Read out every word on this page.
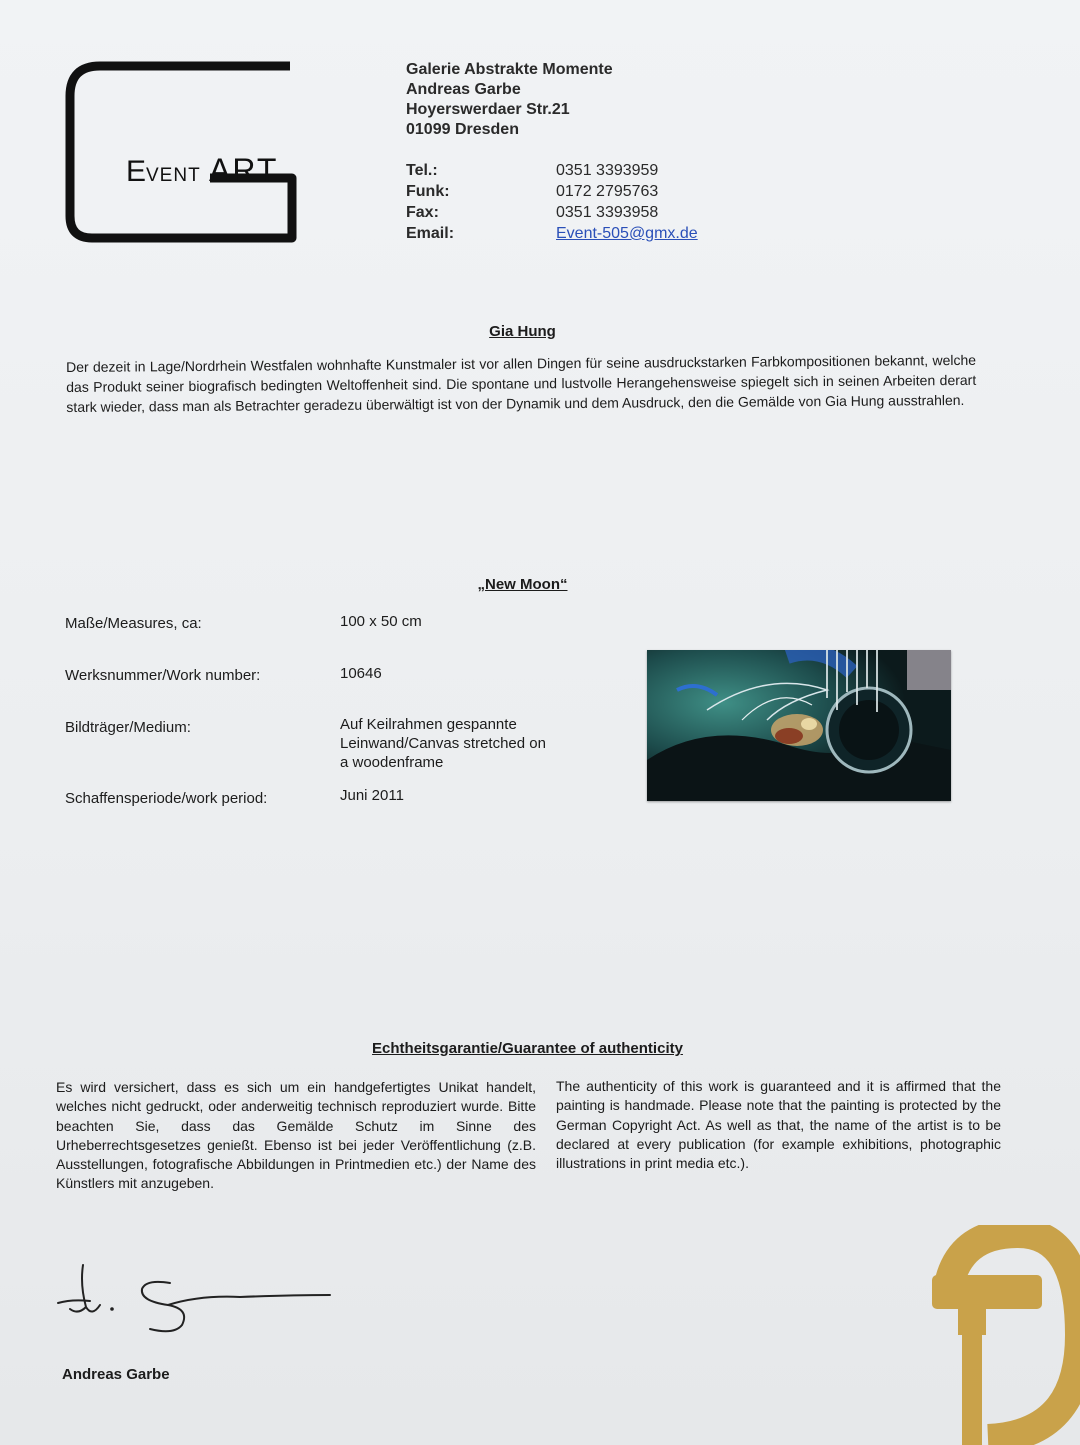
E
VENT ART
Galerie Abstrakte Momente
Andreas Garbe
Hoyerswerdaer Str.21
01099 Dresden
Tel.:	0351 3393959
Funk:	0172 2795763
Fax:	0351 3393958
Email:	Event-505@gmx.de
Gia Hung
Der dezeit in Lage/Nordrhein Westfalen wohnhafte Kunstmaler ist vor allen Dingen für seine ausdruckstarken Farbkompositionen bekannt, welche das Produkt seiner biografisch bedingten Weltoffenheit sind. Die spontane und lustvolle Herangehensweise spiegelt sich in seinen Arbeiten derart stark wieder, dass man als Betrachter geradezu überwältigt ist von der Dynamik und dem Ausdruck, den die Gemälde von Gia Hung ausstrahlen.
„New Moon“
Maße/Measures, ca:	100 x 50 cm
Werksnummer/Work number:	10646
Bildträger/Medium:	Auf Keilrahmen gespannte
Leinwand/Canvas stretched on
a woodenframe
Schaffensperiode/work period:	Juni 2011
Echtheitsgarantie/Guarantee of authenticity
Es wird versichert, dass es sich um ein handgefertigtes Unikat handelt, welches nicht gedruckt, oder anderweitig technisch reproduziert wurde. Bitte beachten Sie, dass das Gemälde Schutz im Sinne des Urheberrechtsgesetzes genießt. Ebenso ist bei jeder Veröffentlichung (z.B. Ausstellungen, fotografische Abbildungen in Printmedien etc.) der Name des Künstlers mit anzugeben.
The authenticity of this work is guaranteed and it is affirmed that the painting is handmade. Please note that the painting is protected by the German Copyright Act. As well as that, the name of the artist is to be declared at every publication (for example exhibitions, photographic illustrations in print media etc.).
Andreas Garbe
